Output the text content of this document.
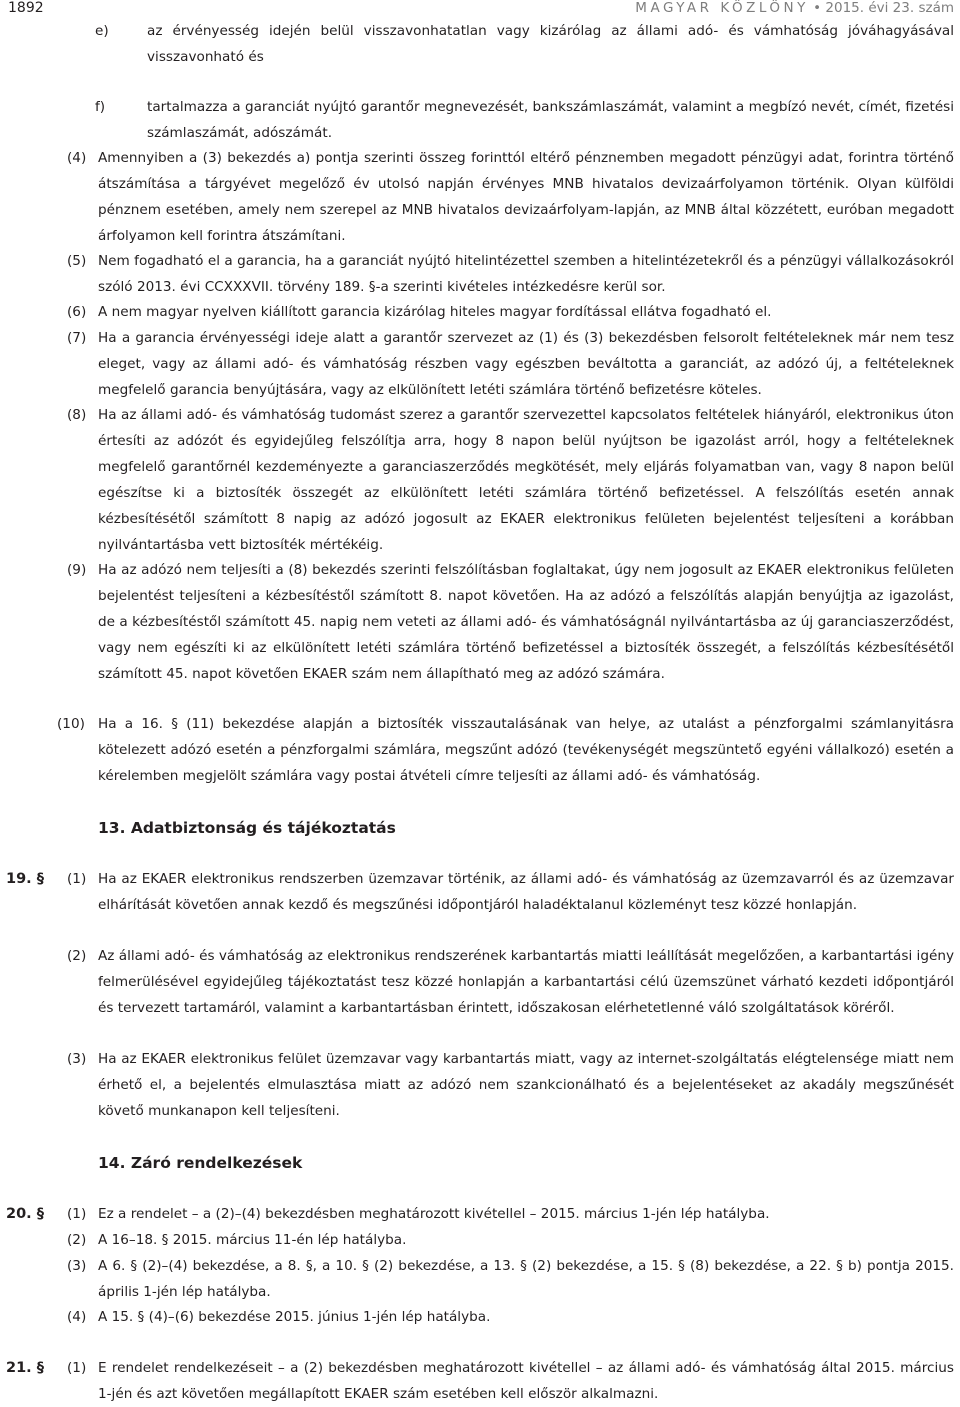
1892	MAGYAR KÖZLÖNY • 2015. évi 23. szám
e)	az érvényesség idején belül visszavonhatatlan vagy kizárólag az állami adó- és vámhatóság jóváhagyásával visszavonható és
f)	tartalmazza a garanciát nyújtó garantőr megnevezését, bankszámlaszámát, valamint a megbízó nevét, címét, fizetési számlaszámát, adószámát.
(4) Amennyiben a (3) bekezdés a) pontja szerinti összeg forinttól eltérő pénznemben megadott pénzügyi adat, forintra történő átszámítása a tárgyévet megelőző év utolsó napján érvényes MNB hivatalos devizaárfolyamon történik. Olyan külföldi pénznem esetében, amely nem szerepel az MNB hivatalos devizaárfolyam-lapján, az MNB által közzétett, euróban megadott árfolyamon kell forintra átszámítani.
(5) Nem fogadható el a garancia, ha a garanciát nyújtó hitelintézettel szemben a hitelintézetekről és a pénzügyi vállalkozásokról szóló 2013. évi CCXXXVII. törvény 189. §-a szerinti kivételes intézkedésre kerül sor.
(6) A nem magyar nyelven kiállított garancia kizárólag hiteles magyar fordítással ellátva fogadható el.
(7) Ha a garancia érvényességi ideje alatt a garantőr szervezet az (1) és (3) bekezdésben felsorolt feltételeknek már nem tesz eleget, vagy az állami adó- és vámhatóság részben vagy egészben beváltotta a garanciát, az adózó új, a feltételeknek megfelelő garancia benyújtására, vagy az elkülönített letéti számlára történő befizetésre köteles.
(8) Ha az állami adó- és vámhatóság tudomást szerez a garantőr szervezettel kapcsolatos feltételek hiányáról, elektronikus úton értesíti az adózót és egyidejűleg felszólítja arra, hogy 8 napon belül nyújtson be igazolást arról, hogy a feltételeknek megfelelő garantőrnél kezdeményezte a garanciaszerződés megkötését, mely eljárás folyamatban van, vagy 8 napon belül egészítse ki a biztosíték összegét az elkülönített letéti számlára történő befizetéssel. A felszólítás esetén annak kézbesítésétől számított 8 napig az adózó jogosult az EKAER elektronikus felületen bejelentést teljesíteni a korábban nyilvántartásba vett biztosíték mértékéig.
(9) Ha az adózó nem teljesíti a (8) bekezdés szerinti felszólításban foglaltakat, úgy nem jogosult az EKAER elektronikus felületen bejelentést teljesíteni a kézbesítéstől számított 8. napot követően. Ha az adózó a felszólítás alapján benyújtja az igazolást, de a kézbesítéstől számított 45. napig nem veteti az állami adó- és vámhatóságnál nyilvántartásba az új garanciaszerződést, vagy nem egészíti ki az elkülönített letéti számlára történő befizetéssel a biztosíték összegét, a felszólítás kézbesítésétől számított 45. napot követően EKAER szám nem állapítható meg az adózó számára.
(10) Ha a 16. § (11) bekezdése alapján a biztosíték visszautalásának van helye, az utalást a pénzforgalmi számlanyitásra kötelezett adózó esetén a pénzforgalmi számlára, megszűnt adózó (tevékenységét megszüntető egyéni vállalkozó) esetén a kérelemben megjelölt számlára vagy postai átvételi címre teljesíti az állami adó- és vámhatóság.
13. Adatbiztonság és tájékoztatás
19. § (1) Ha az EKAER elektronikus rendszerben üzemzavar történik, az állami adó- és vámhatóság az üzemzavarról és az üzemzavar elhárítását követően annak kezdő és megszűnési időpontjáról haladéktalanul közleményt tesz közzé honlapján.
(2) Az állami adó- és vámhatóság az elektronikus rendszerének karbantartás miatti leállítását megelőzően, a karbantartási igény felmerülésével egyidejűleg tájékoztatást tesz közzé honlapján a karbantartási célú üzemszünet várható kezdeti időpontjáról és tervezett tartamáról, valamint a karbantartásban érintett, időszakosan elérhetetlenné váló szolgáltatások köréről.
(3) Ha az EKAER elektronikus felület üzemzavar vagy karbantartás miatt, vagy az internet-szolgáltatás elégtelensége miatt nem érhető el, a bejelentés elmulasztása miatt az adózó nem szankcionálható és a bejelentéseket az akadály megszűnését követő munkanapon kell teljesíteni.
14. Záró rendelkezések
20. § (1) Ez a rendelet – a (2)–(4) bekezdésben meghatározott kivétellel – 2015. március 1-jén lép hatályba.
(2) A 16–18. § 2015. március 11-én lép hatályba.
(3) A 6. § (2)–(4) bekezdése, a 8. §, a 10. § (2) bekezdése, a 13. § (2) bekezdése, a 15. § (8) bekezdése, a 22. § b) pontja 2015. április 1-jén lép hatályba.
(4) A 15. § (4)–(6) bekezdése 2015. június 1-jén lép hatályba.
21. § (1) E rendelet rendelkezéseit – a (2) bekezdésben meghatározott kivétellel – az állami adó- és vámhatóság által 2015. március 1-jén és azt követően megállapított EKAER szám esetében kell először alkalmazni.
